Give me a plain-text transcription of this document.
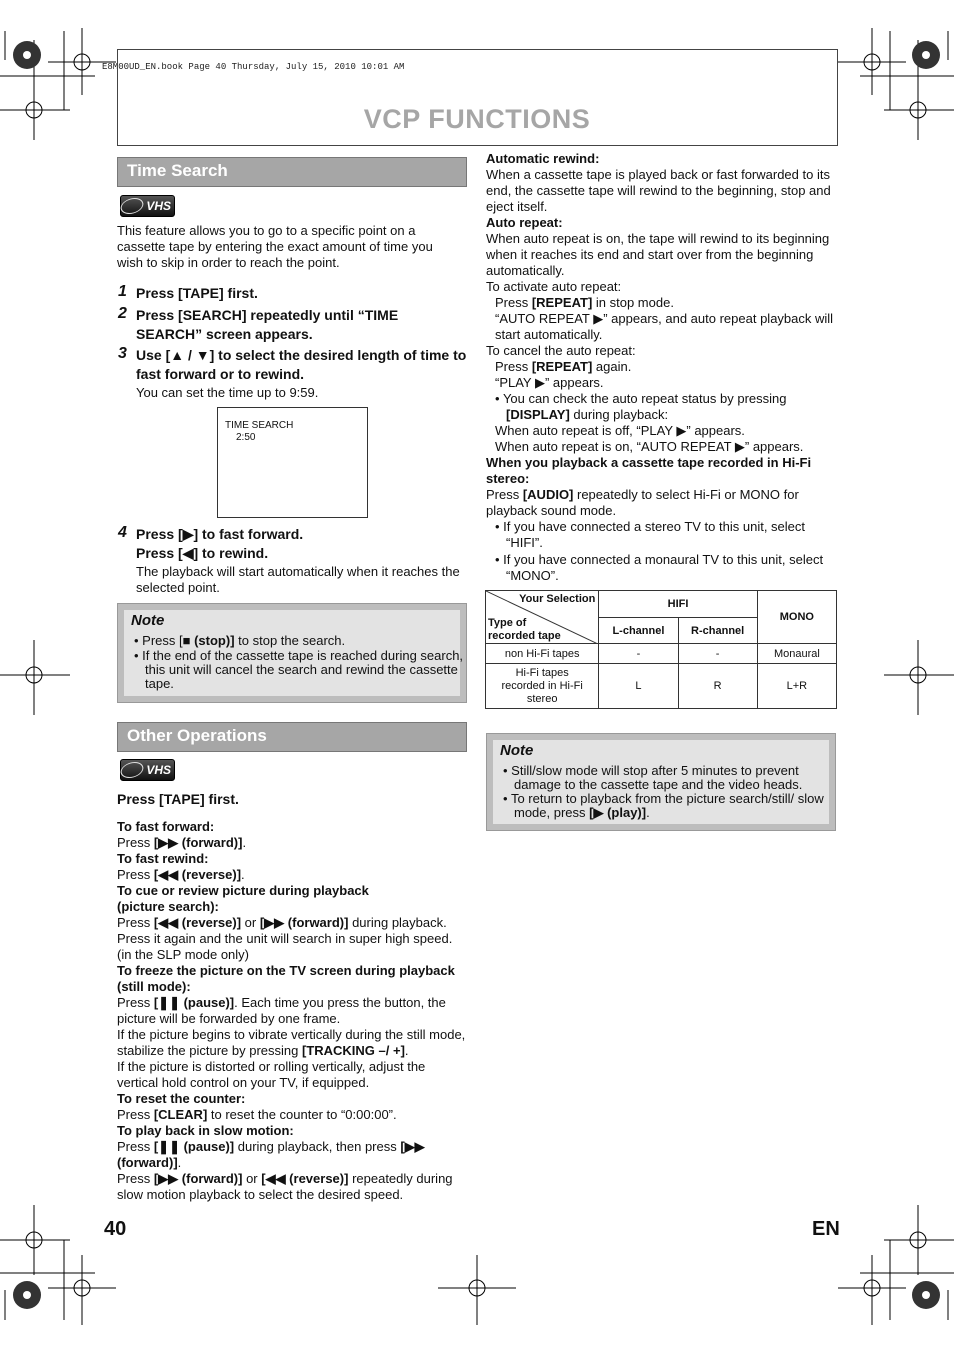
E8M00UD_EN.book Page 40 Thursday, July 15, 2010 10:01 AM
VCP FUNCTIONS
Time Search
VHS
This feature allows you to go to a specific point on a cassette tape by entering the exact amount of time you wish to skip in order to reach the point.
1 Press [TAPE] first.
2 Press [SEARCH] repeatedly until “TIME SEARCH” screen appears.
3 Use [▲ / ▼] to select the desired length of time to fast forward or to rewind.
You can set the time up to 9:59.
TIME SEARCH
2:50
4 Press [▶] to fast forward.
Press [◀] to rewind.
The playback will start automatically when it reaches the selected point.
Note
• Press [■ (stop)] to stop the search.
• If the end of the cassette tape is reached during search, this unit will cancel the search and rewind the cassette tape.
Other Operations
VHS
Press [TAPE] first.
To fast forward:
Press [▶▶ (forward)].
To fast rewind:
Press [◀◀ (reverse)].
To cue or review picture during playback (picture search):
Press [◀◀ (reverse)] or [▶▶ (forward)] during playback. Press it again and the unit will search in super high speed. (in the SLP mode only)
To freeze the picture on the TV screen during playback (still mode):
Press [❚❚ (pause)]. Each time you press the button, the picture will be forwarded by one frame.
If the picture begins to vibrate vertically during the still mode, stabilize the picture by pressing [TRACKING –/ +].
If the picture is distorted or rolling vertically, adjust the vertical hold control on your TV, if equipped.
To reset the counter:
Press [CLEAR] to reset the counter to “0:00:00”.
To play back in slow motion:
Press [❚❚ (pause)] during playback, then press [▶▶ (forward)].
Press [▶▶ (forward)] or [◀◀ (reverse)] repeatedly during slow motion playback to select the desired speed.
Automatic rewind:
When a cassette tape is played back or fast forwarded to its end, the cassette tape will rewind to the beginning, stop and eject itself.
Auto repeat:
When auto repeat is on, the tape will rewind to its beginning when it reaches its end and start over from the beginning automatically.
To activate auto repeat:
Press [REPEAT] in stop mode.
“AUTO REPEAT ▶” appears, and auto repeat playback will start automatically.
To cancel the auto repeat:
Press [REPEAT] again.
“PLAY ▶” appears.
• You can check the auto repeat status by pressing [DISPLAY] during playback:
When auto repeat is off, “PLAY ▶” appears.
When auto repeat is on, “AUTO REPEAT ▶” appears.
When you playback a cassette tape recorded in Hi-Fi stereo:
Press [AUDIO] repeatedly to select Hi-Fi or MONO for playback sound mode.
• If you have connected a stereo TV to this unit, select “HIFI”.
• If you have connected a monaural TV to this unit, select “MONO”.
Your Selection
Type of recorded tape	HIFI		MONO
	L-channel	R-channel	
non Hi-Fi tapes	-	-	Monaural
Hi-Fi tapes recorded in Hi-Fi stereo	L	R	L+R
Note
• Still/slow mode will stop after 5 minutes to prevent damage to the cassette tape and the video heads.
• To return to playback from the picture search/still/ slow mode, press [▶ (play)].
40	EN
